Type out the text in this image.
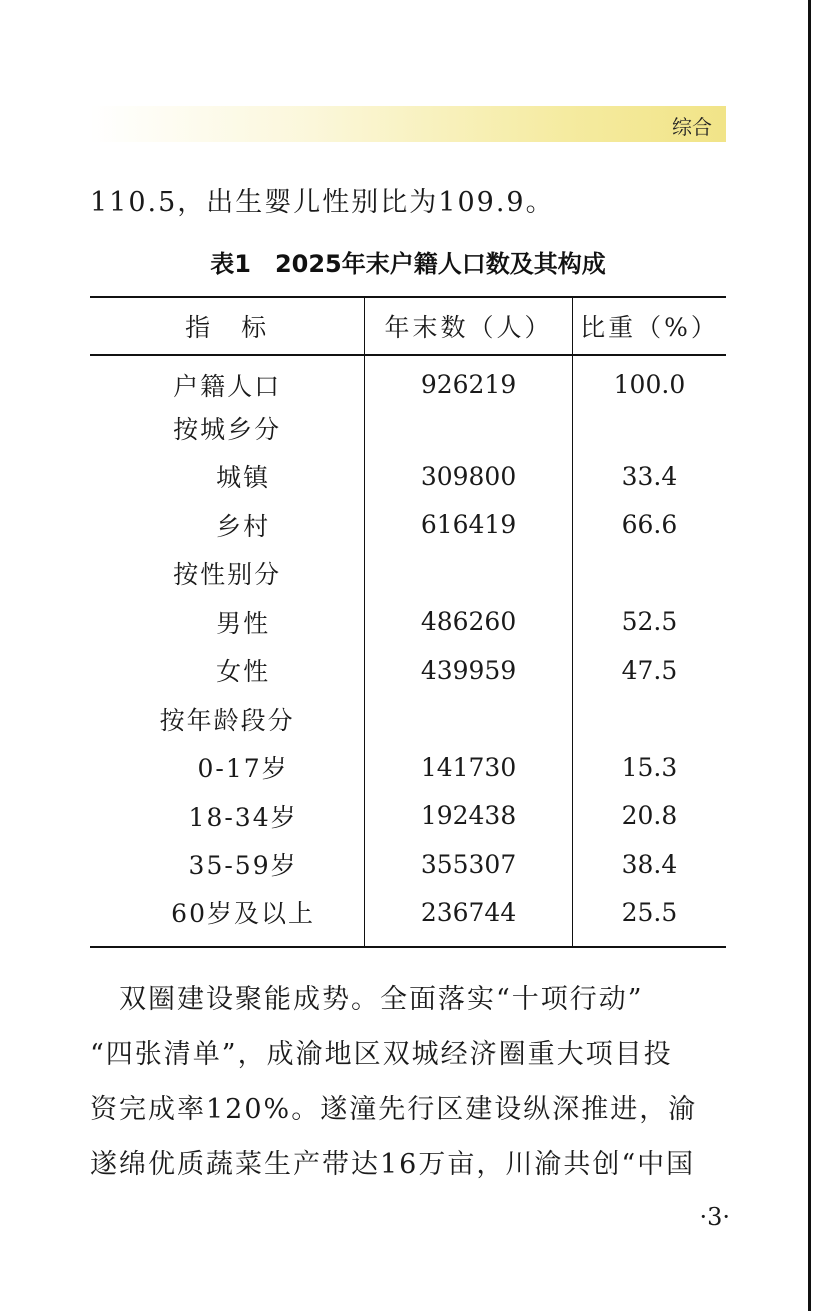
综合

110.5，出生婴儿性别比为109.9。

表1　2025年末户籍人口数及其构成
指　标	年末数（人）	比重（%）
户籍人口	926219	100.0
按城乡分		
城镇	309800	33.4
乡村	616419	66.6
按性别分		
男性	486260	52.5
女性	439959	47.5
按年龄段分		
0-17岁	141730	15.3
18-34岁	192438	20.8
35-59岁	355307	38.4
60岁及以上	236744	25.5

　双圈建设聚能成势。全面落实“十项行动”

“四张清单”，成渝地区双城经济圈重大项目投

资完成率120%。遂潼先行区建设纵深推进，渝

遂绵优质蔬菜生产带达16万亩，川渝共创“中国

·3·
